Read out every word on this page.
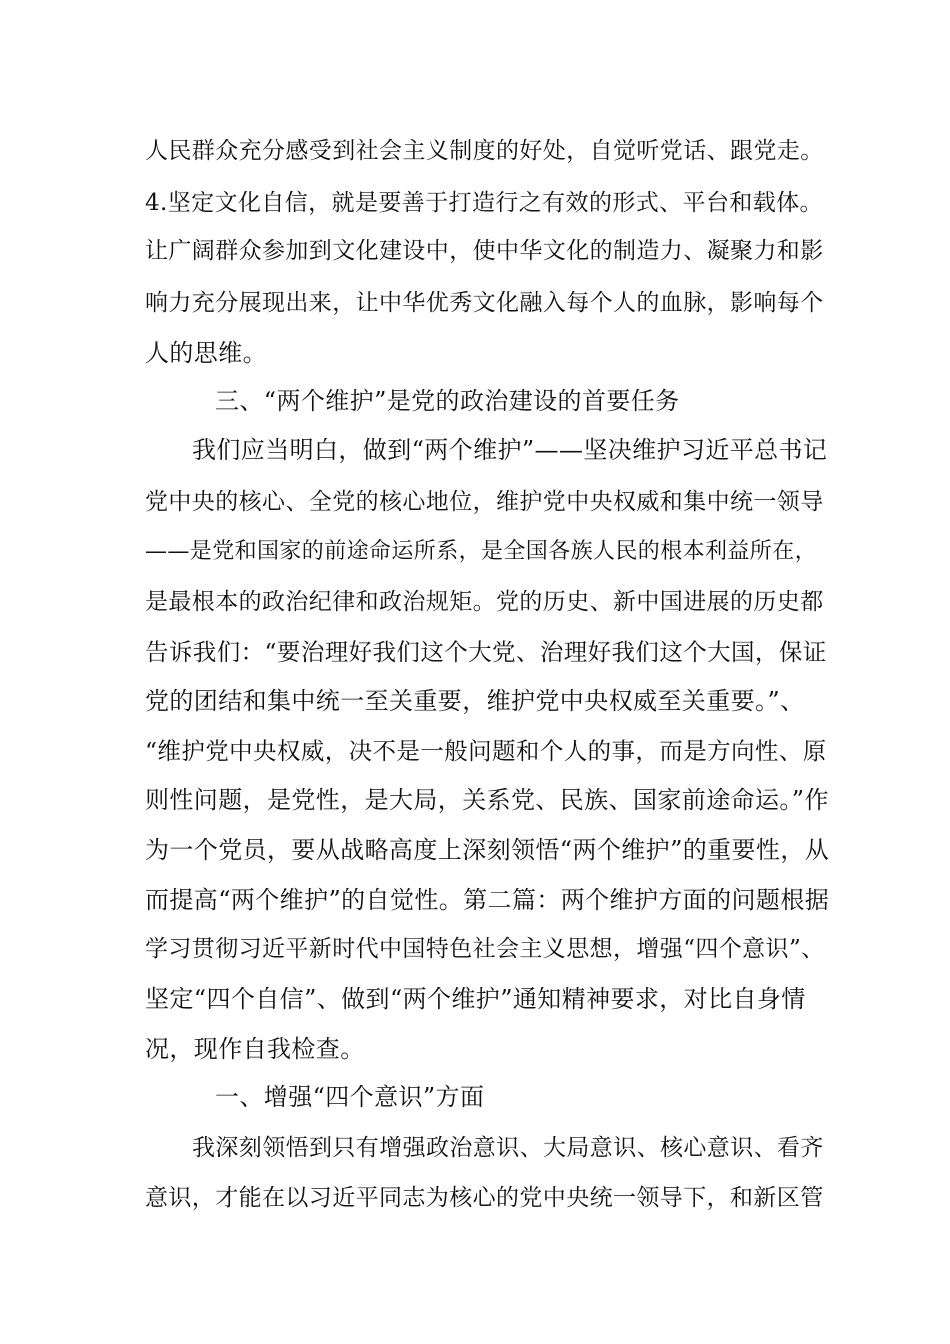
人民群众充分感受到社会主义制度的好处，自觉听党话、跟党走。
4.坚定文化自信，就是要善于打造行之有效的形式、平台和载体。
让广阔群众参加到文化建设中，使中华文化的制造力、凝聚力和影
响力充分展现出来，让中华优秀文化融入每个人的血脉，影响每个
人的思维。
三、“两个维护”是党的政治建设的首要任务
我们应当明白，做到“两个维护”——坚决维护习近平总书记
党中央的核心、全党的核心地位，维护党中央权威和集中统一领导
——是党和国家的前途命运所系，是全国各族人民的根本利益所在，
是最根本的政治纪律和政治规矩。党的历史、新中国进展的历史都
告诉我们：“要治理好我们这个大党、治理好我们这个大国，保证
党的团结和集中统一至关重要，维护党中央权威至关重要。”、
“维护党中央权威，决不是一般问题和个人的事，而是方向性、原
则性问题，是党性，是大局，关系党、民族、国家前途命运。”作
为一个党员，要从战略高度上深刻领悟“两个维护”的重要性，从
而提高“两个维护”的自觉性。第二篇：两个维护方面的问题根据
学习贯彻习近平新时代中国特色社会主义思想，增强“四个意识”、
坚定“四个自信”、做到“两个维护”通知精神要求，对比自身情
况，现作自我检查。
一、增强“四个意识”方面
我深刻领悟到只有增强政治意识、大局意识、核心意识、看齐
意识，才能在以习近平同志为核心的党中央统一领导下，和新区管
